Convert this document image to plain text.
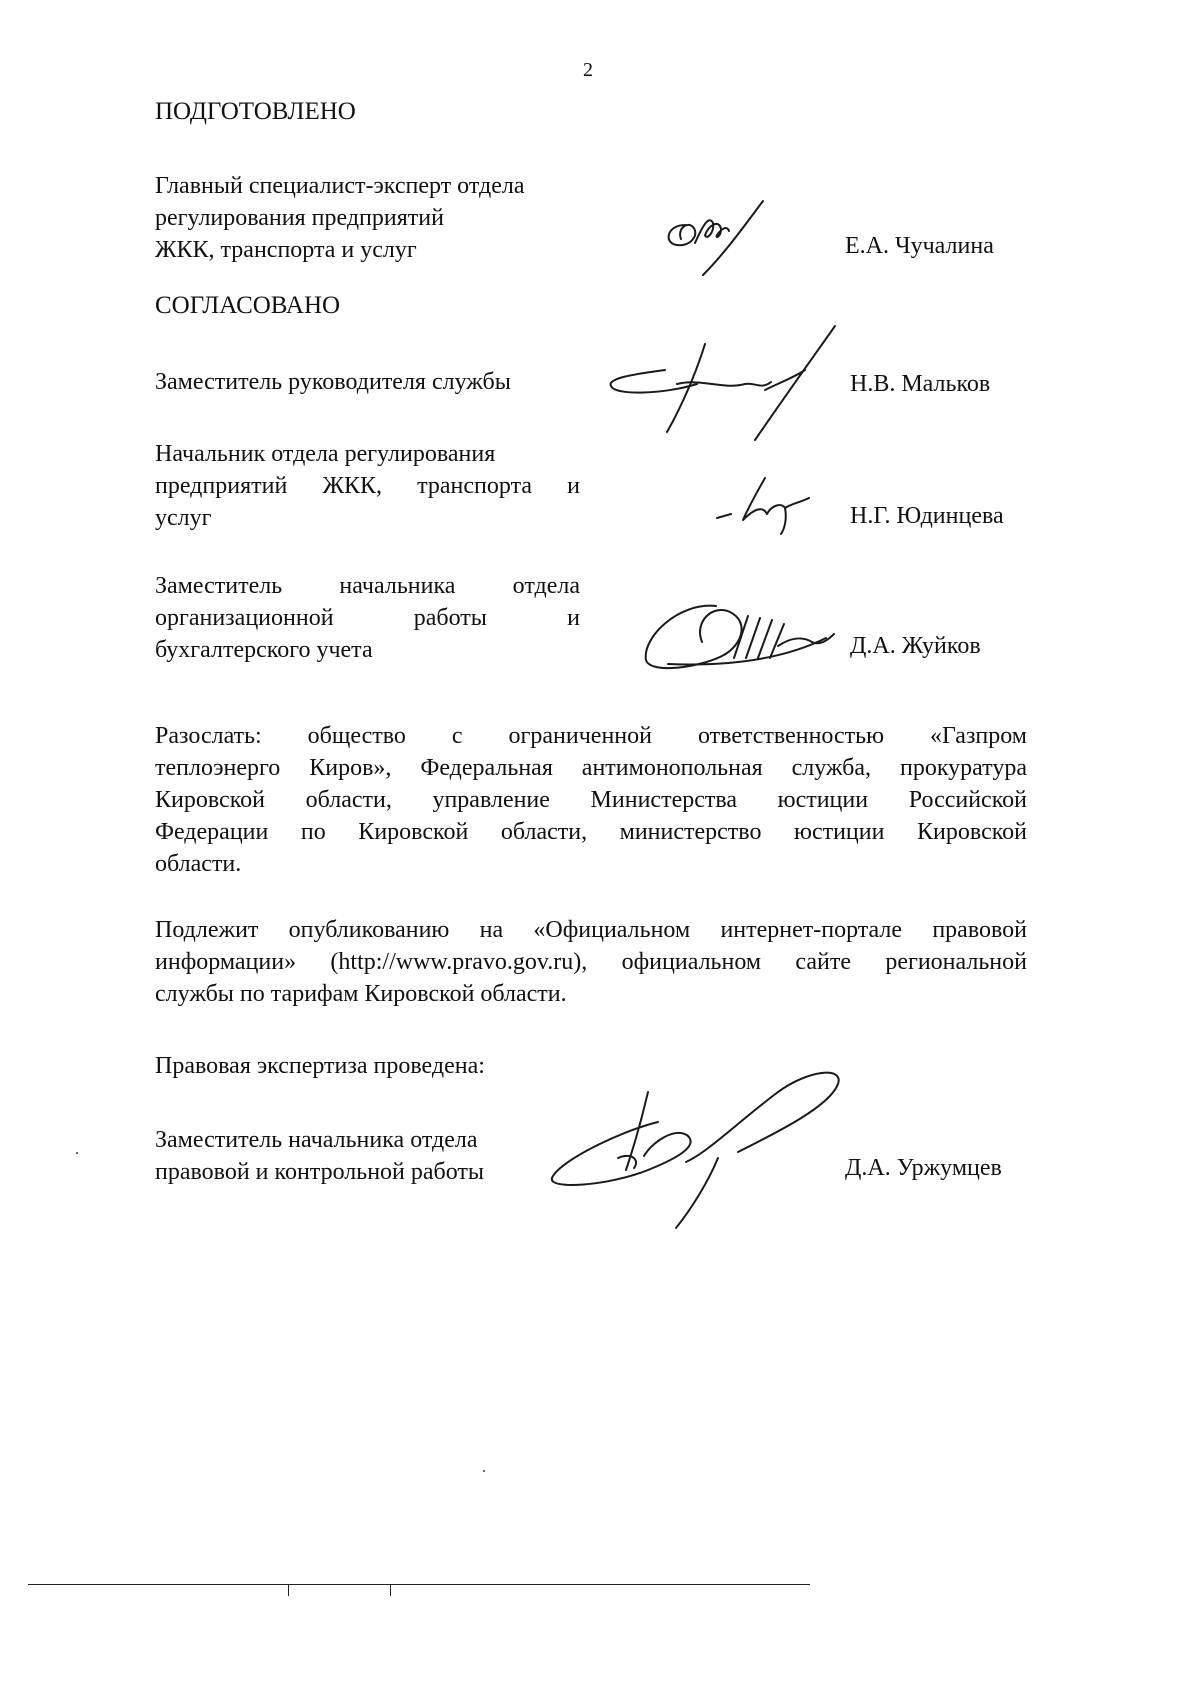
2
ПОДГОТОВЛЕНО
Главный специалист-эксперт отдела
регулирования предприятий
ЖКК, транспорта и услуг	Е.А. Чучалина
СОГЛАСОВАНО
Заместитель руководителя службы	Н.В. Мальков
Начальник отдела регулирования
предприятий ЖКК, транспорта и
услуг	Н.Г. Юдинцева
Заместитель начальника отдела
организационной работы и
бухгалтерского учета	Д.А. Жуйков
Разослать: общество с ограниченной ответственностью «Газпром
теплоэнерго Киров», Федеральная антимонопольная служба, прокуратура
Кировской области, управление Министерства юстиции Российской
Федерации по Кировской области, министерство юстиции Кировской
области.
Подлежит опубликованию на «Официальном интернет-портале правовой
информации» (http://www.pravo.gov.ru), официальном сайте региональной
службы по тарифам Кировской области.
Правовая экспертиза проведена:
Заместитель начальника отдела
правовой и контрольной работы	Д.А. Уржумцев
